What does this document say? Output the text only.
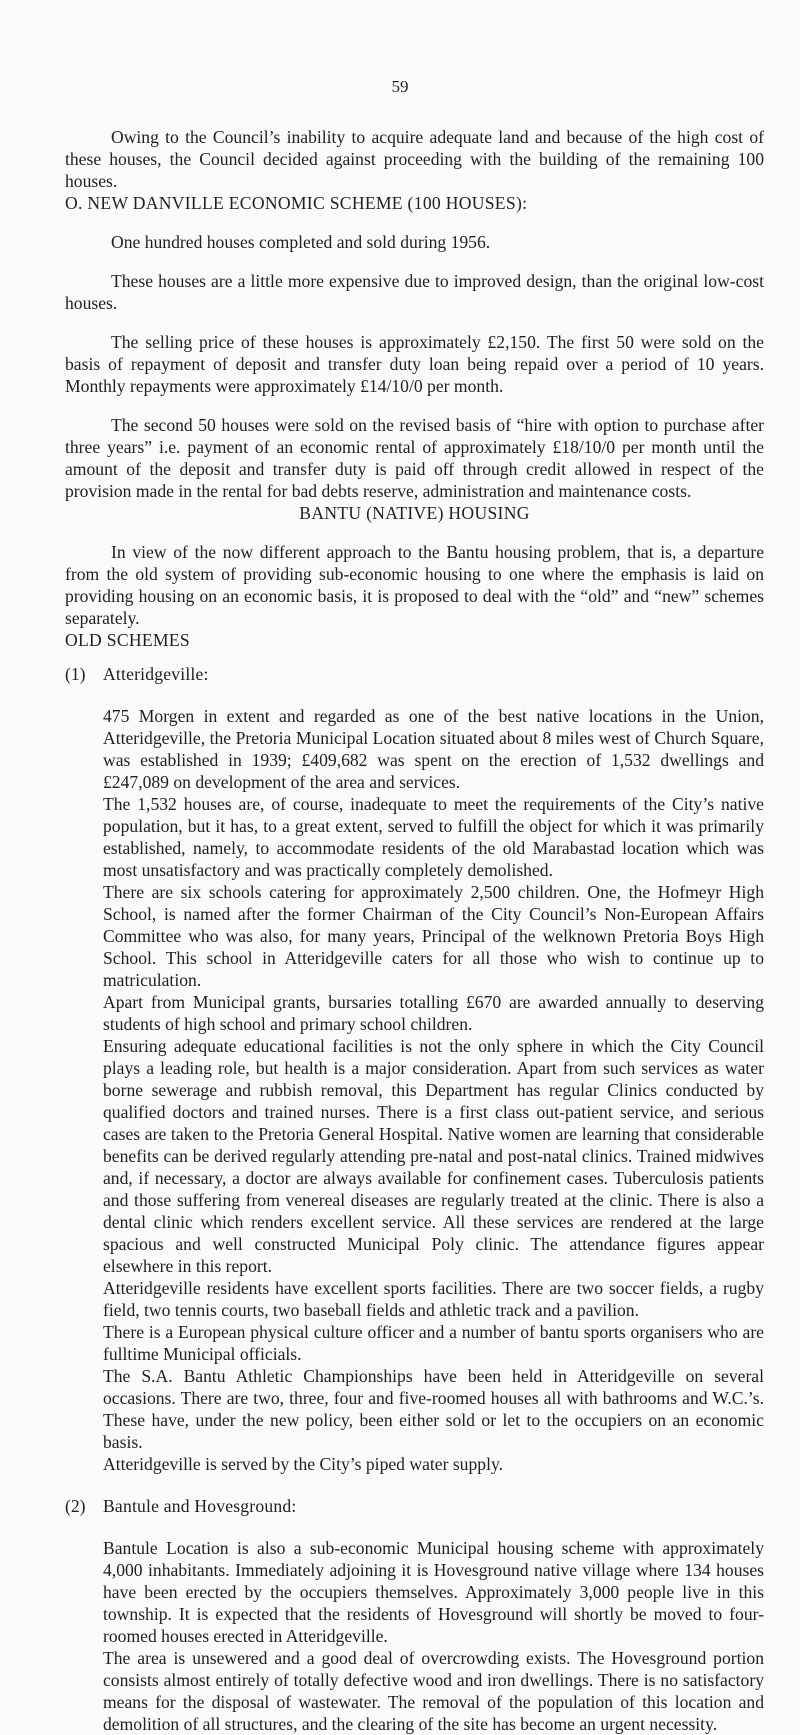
59

Owing to the Council’s inability to acquire adequate land and because of the high cost of these houses, the Council decided against proceeding with the building of the remaining 100 houses.

O. NEW DANVILLE ECONOMIC SCHEME (100 HOUSES):

One hundred houses completed and sold during 1956.

These houses are a little more expensive due to improved design, than the original low-cost houses.

The selling price of these houses is approximately £2,150. The first 50 were sold on the basis of repayment of deposit and transfer duty loan being repaid over a period of 10 years. Monthly repayments were approximately £14/10/0 per month.

The second 50 houses were sold on the revised basis of “hire with option to purchase after three years” i.e. payment of an economic rental of approximately £18/10/0 per month until the amount of the deposit and transfer duty is paid off through credit allowed in respect of the provision made in the rental for bad debts reserve, administration and maintenance costs.

BANTU (NATIVE) HOUSING

In view of the now different approach to the Bantu housing problem, that is, a departure from the old system of providing sub-economic housing to one where the emphasis is laid on providing housing on an economic basis, it is proposed to deal with the “old” and “new” schemes separately.

OLD SCHEMES
(1) Atteridgeville:

475 Morgen in extent and regarded as one of the best native locations in the Union, Atteridgeville, the Pretoria Municipal Location situated about 8 miles west of Church Square, was established in 1939; £409,682 was spent on the erection of 1,532 dwellings and £247,089 on development of the area and services.

The 1,532 houses are, of course, inadequate to meet the requirements of the City’s native population, but it has, to a great extent, served to fulfill the object for which it was primarily established, namely, to accommodate residents of the old Marabastad location which was most unsatisfactory and was practically completely demolished.

There are six schools catering for approximately 2,500 children. One, the Hofmeyr High School, is named after the former Chairman of the City Council’s Non-European Affairs Committee who was also, for many years, Principal of the welknown Pretoria Boys High School. This school in Atteridgeville caters for all those who wish to continue up to matriculation.

Apart from Municipal grants, bursaries totalling £670 are awarded annually to deserving students of high school and primary school children.

Ensuring adequate educational facilities is not the only sphere in which the City Council plays a leading role, but health is a major consideration. Apart from such services as water borne sewerage and rubbish removal, this Department has regular Clinics conducted by qualified doctors and trained nurses. There is a first class out-patient service, and serious cases are taken to the Pretoria General Hospital. Native women are learning that considerable benefits can be derived regularly attending pre-natal and post-natal clinics. Trained midwives and, if necessary, a doctor are always available for confinement cases. Tuberculosis patients and those suffering from venereal diseases are regularly treated at the clinic. There is also a dental clinic which renders excellent service. All these services are rendered at the large spacious and well constructed Municipal Poly clinic. The attendance figures appear elsewhere in this report.

Atteridgeville residents have excellent sports facilities. There are two soccer fields, a rugby field, two tennis courts, two baseball fields and athletic track and a pavilion.

There is a European physical culture officer and a number of bantu sports organisers who are fulltime Municipal officials.

The S.A. Bantu Athletic Championships have been held in Atteridgeville on several occasions. There are two, three, four and five-roomed houses all with bathrooms and W.C.’s. These have, under the new policy, been either sold or let to the occupiers on an economic basis.

Atteridgeville is served by the City’s piped water supply.

(2) Bantule and Hovesground:

Bantule Location is also a sub-economic Municipal housing scheme with approximately 4,000 inhabitants. Immediately adjoining it is Hovesground native village where 134 houses have been erected by the occupiers themselves. Approximately 3,000 people live in this township. It is expected that the residents of Hovesground will shortly be moved to four-roomed houses erected in Atteridgeville.

The area is unsewered and a good deal of overcrowding exists. The Hovesground portion consists almost entirely of totally defective wood and iron dwellings. There is no satisfactory means for the disposal of wastewater. The removal of the population of this location and demolition of all structures, and the clearing of the site has become an urgent necessity.
